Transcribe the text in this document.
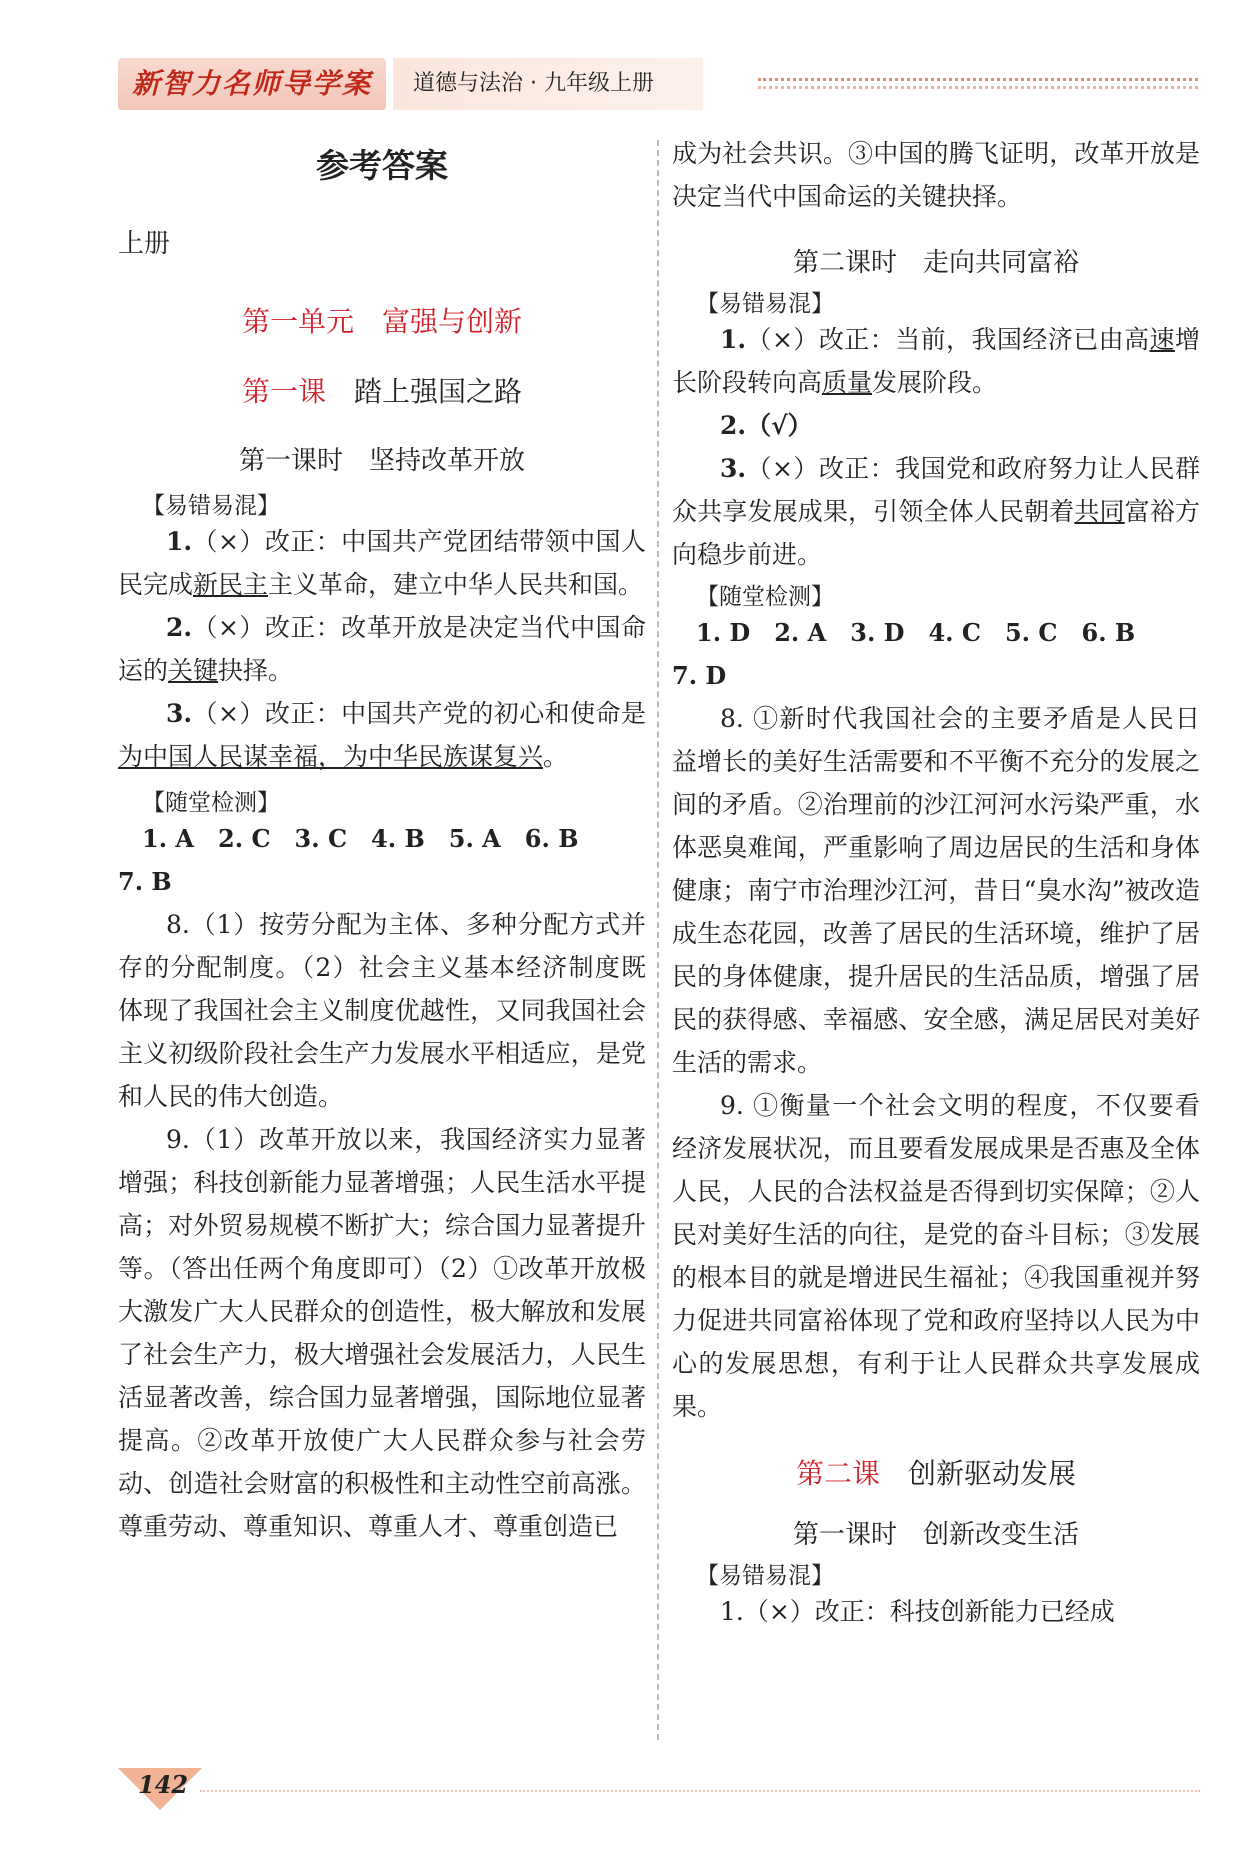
新智力名师导学案	道德与法治 · 九年级上册
参考答案
上册
第一单元　富强与创新
第一课　 踏上强国之路
第一课时　坚持改革开放
【易错易混】

1.（×）改正：中国共产党团结带领中国人民完成新民主主义革命，建立中华人民共和国。

2.（×）改正：改革开放是决定当代中国命运的关键抉择。

3.（×）改正：中国共产党的初心和使命是为中国人民谋幸福，为中华民族谋复兴。

【随堂检测】
1. A　2. C　3. C　4. B　5. A　6. B
7. B

8.（1）按劳分配为主体、多种分配方式并存的分配制度。（2）社会主义基本经济制度既体现了我国社会主义制度优越性，又同我国社会主义初级阶段社会生产力发展水平相适应，是党和人民的伟大创造。

9.（1）改革开放以来，我国经济实力显著增强；科技创新能力显著增强；人民生活水平提高；对外贸易规模不断扩大；综合国力显著提升等。（答出任两个角度即可）（2）①改革开放极大激发广大人民群众的创造性，极大解放和发展了社会生产力，极大增强社会发展活力，人民生活显著改善，综合国力显著增强，国际地位显著提高。②改革开放使广大人民群众参与社会劳动、创造社会财富的积极性和主动性空前高涨。尊重劳动、尊重知识、尊重人才、尊重创造已

成为社会共识。③中国的腾飞证明，改革开放是决定当代中国命运的关键抉择。

第二课时　走向共同富裕
【易错易混】

1.（×）改正：当前，我国经济已由高速增长阶段转向高质量发展阶段。

2.（√）

3.（×）改正：我国党和政府努力让人民群众共享发展成果，引领全体人民朝着共同富裕方向稳步前进。

【随堂检测】
1. D　2. A　3. D　4. C　5. C　6. B
7. D

8. ①新时代我国社会的主要矛盾是人民日益增长的美好生活需要和不平衡不充分的发展之间的矛盾。②治理前的沙江河河水污染严重，水体恶臭难闻，严重影响了周边居民的生活和身体健康；南宁市治理沙江河，昔日“臭水沟”被改造成生态花园，改善了居民的生活环境，维护了居民的身体健康，提升居民的生活品质，增强了居民的获得感、幸福感、安全感，满足居民对美好生活的需求。

9. ①衡量一个社会文明的程度，不仅要看经济发展状况，而且要看发展成果是否惠及全体人民，人民的合法权益是否得到切实保障；②人民对美好生活的向往，是党的奋斗目标；③发展的根本目的就是增进民生福祉；④我国重视并努力促进共同富裕体现了党和政府坚持以人民为中心的发展思想，有利于让人民群众共享发展成果。

第二课　 创新驱动发展
第一课时　创新改变生活
【易错易混】

1.（×）改正：科技创新能力已经成

142
